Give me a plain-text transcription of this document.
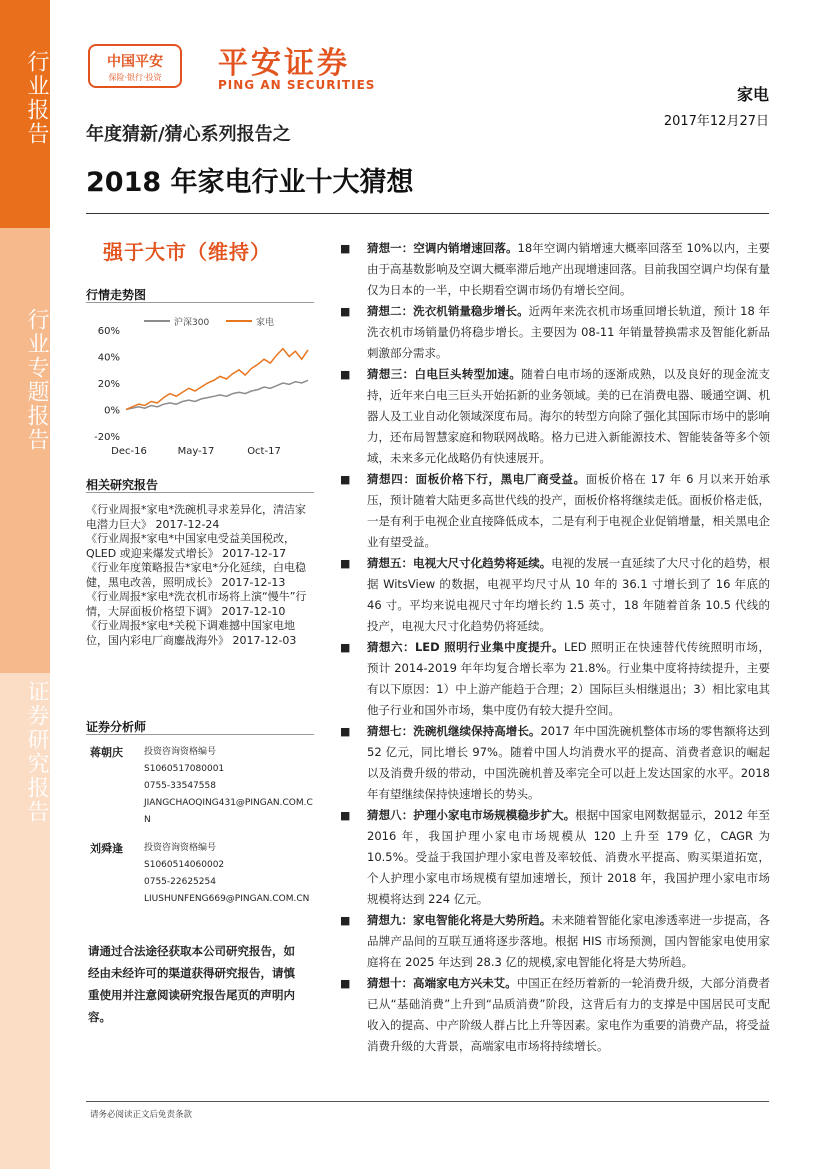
行业报告
行业专题报告
证券研究报告
中国平安
保险·银行·投资	平安证券
PING AN SECURITIES	家电
2017年12月27日
年度猜新/猜心系列报告之
2018 年家电行业十大猜想
强于大市（维持）
行情走势图
60%
40%
20%
0%
-20%
Dec-16	May-17	Oct-17
沪深300	家电
相关研究报告
《行业周报*家电*洗碗机寻求差异化，清洁家电潜力巨大》 2017-12-24
《行业周报*家电*中国家电受益美国税改，QLED 或迎来爆发式增长》 2017-12-17
《行业年度策略报告*家电*分化延续，白电稳健，黑电改善，照明成长》 2017-12-13
《行业周报*家电*洗衣机市场将上演“慢牛”行情，大屏面板价格望下调》 2017-12-10
《行业周报*家电*关税下调难撼中国家电地位，国内彩电厂商鏖战海外》 2017-12-03
证券分析师
蒋朝庆 投资咨询资格编号
S1060517080001
0755-33547558
JIANGCHAOQING431@PINGAN.COM.CN
刘舜逢 投资咨询资格编号
S1060514060002
0755-22625254
LIUSHUNFENG669@PINGAN.COM.CN
请通过合法途径获取本公司研究报告，如经由未经许可的渠道获得研究报告，请慎重使用并注意阅读研究报告尾页的声明内容。
■ 猜想一：空调内销增速回落。18年空调内销增速大概率回落至 10%以内，主要由于高基数影响及空调大概率滞后地产出现增速回落。目前我国空调户均保有量仅为日本的一半，中长期看空调市场仍有增长空间。
■ 猜想二：洗衣机销量稳步增长。近两年来洗衣机市场重回增长轨道，预计 18 年洗衣机市场销量仍将稳步增长。主要因为 08-11 年销量替换需求及智能化新品刺激部分需求。
■ 猜想三：白电巨头转型加速。随着白电市场的逐渐成熟，以及良好的现金流支持，近年来白电三巨头开始拓新的业务领域。美的已在消费电器、暖通空调、机器人及工业自动化领域深度布局。海尔的转型方向除了强化其国际市场中的影响力，还布局智慧家庭和物联网战略。格力已进入新能源技术、智能装备等多个领域，未来多元化战略仍有快速展开。
■ 猜想四：面板价格下行，黑电厂商受益。面板价格在 17 年 6 月以来开始承压，预计随着大陆更多高世代线的投产，面板价格将继续走低。面板价格走低，一是有利于电视企业直接降低成本，二是有利于电视企业促销增量，相关黑电企业有望受益。
■ 猜想五：电视大尺寸化趋势将延续。电视的发展一直延续了大尺寸化的趋势，根据 WitsView 的数据，电视平均尺寸从 10 年的 36.1 寸增长到了 16 年底的 46 寸。平均来说电视尺寸年均增长约 1.5 英寸，18 年随着首条 10.5 代线的投产，电视大尺寸化趋势仍将延续。
■ 猜想六：LED 照明行业集中度提升。LED 照明正在快速替代传统照明市场， 预计 2014-2019 年年均复合增长率为 21.8%。行业集中度将持续提升，主要有以下原因：1）中上游产能趋于合理；2）国际巨头相继退出；3）相比家电其他子行业和国外市场，集中度仍有较大提升空间。
■ 猜想七：洗碗机继续保持高增长。2017 年中国洗碗机整体市场的零售额将达到 52 亿元，同比增长 97%。随着中国人均消费水平的提高、消费者意识的崛起以及消费升级的带动，中国洗碗机普及率完全可以赶上发达国家的水平。2018 年有望继续保持快速增长的势头。
■ 猜想八：护理小家电市场规模稳步扩大。根据中国家电网数据显示，2012 年至 2016 年，我国护理小家电市场规模从 120 上升至 179 亿，CAGR 为 10.5%。受益于我国护理小家电普及率较低、消费水平提高、购买渠道拓宽，个人护理小家电市场规模有望加速增长，预计 2018 年，我国护理小家电市场规模将达到 224 亿元。
■ 猜想九：家电智能化将是大势所趋。未来随着智能化家电渗透率进一步提高，各品牌产品间的互联互通将逐步落地。根据 HIS 市场预测，国内智能家电使用家庭将在 2025 年达到 28.3 亿的规模,家电智能化将是大势所趋。
■ 猜想十：高端家电方兴未艾。中国正在经历着新的一轮消费升级，大部分消费者已从“基础消费”上升到“品质消费”阶段，这背后有力的支撑是中国居民可支配收入的提高、中产阶级人群占比上升等因素。家电作为重要的消费产品，将受益消费升级的大背景，高端家电市场将持续增长。
请务必阅读正文后免责条款
